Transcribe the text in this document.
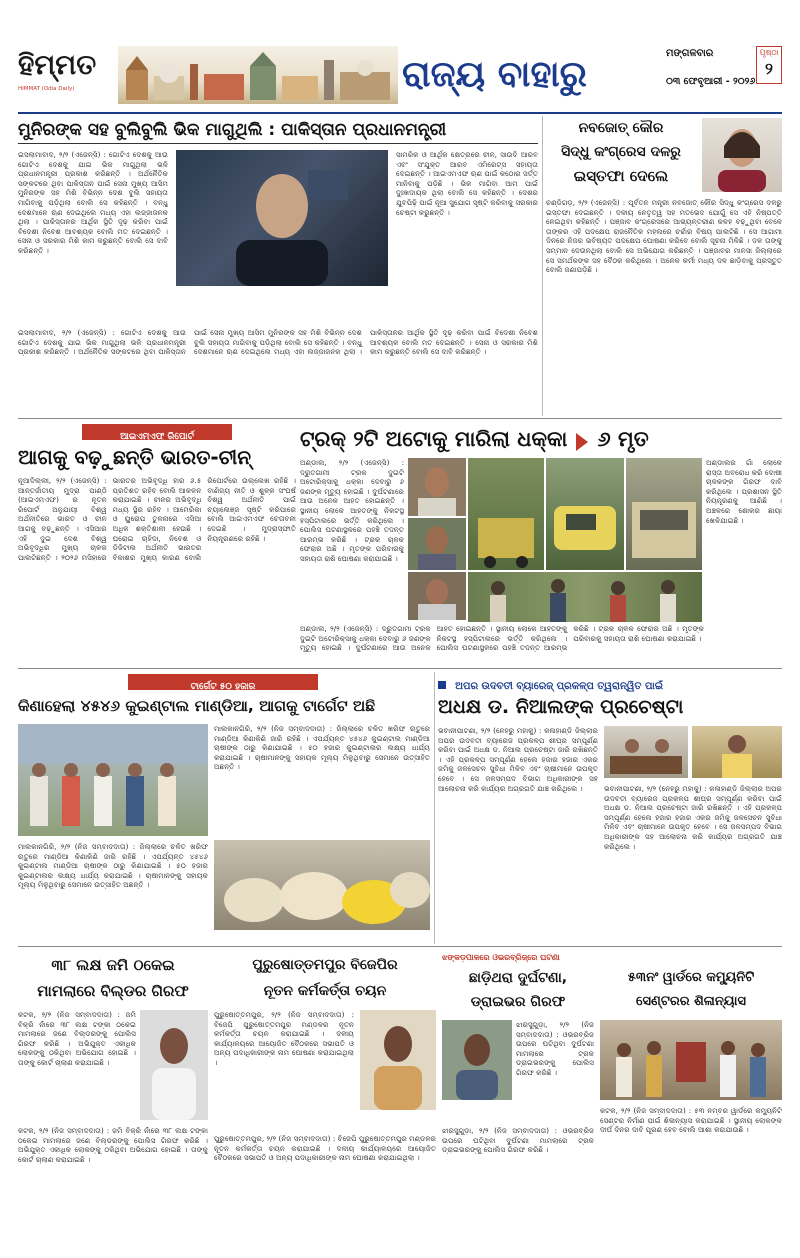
ହିମ୍ମତ
HIMMAT (Odia Daily)	ରାଜ୍ୟ ବାହାରୁ
ମଙ୍ଗଳବାର	ପୃଷ୍ଠା
୨
୦୩ ଫେବୃଆରୀ - ୨୦୨୬
ମୁନିରଙ୍କ ସହ ବୁଲିବୁଲି ଭିକ ମାଗୁଥିଲି : ପାକିସ୍ତାନ ପ୍ରଧାନମନ୍ତ୍ରୀ
ଇସଲାମାବାଦ, ୨/୨ (ଏଜେନ୍ସି) : ଗୋଟିଏ ଦେଶକୁ ଆଉ ଗୋଟିଏ ଦେଶକୁ ଯାଇ ଭିକ ମାଗୁଥିଲା ଭଳି ପ୍ରଧାନମନ୍ତ୍ରୀ ପ୍ରକାଶ କରିଛନ୍ତି । ଅର୍ଥନୈତିକ ସଙ୍କଟରେ ଥିବା ପାକିସ୍ତାନ ପାଇଁ ସେନା ମୁଖ୍ୟ ଆସିମ ମୁନିରଙ୍କ ସହ ମିଶି ବିଭିନ୍ନ ଦେଶ ବୁଲି ସହାୟତା ମାଗିବାକୁ ପଡ଼ିଥିଲା ବୋଲି ସେ କହିଛନ୍ତି । ବନ୍ଧୁ ଦେଶମାନେ ଋଣ ଦେଇଥିଲେ ମଧ୍ୟ ଏହା ଲଜ୍ଜାଜନକ ଥିଲା । ପାକିସ୍ତାନର ଆର୍ଥିକ ସ୍ଥିତି ଦୃଢ଼ କରିବା ପାଇଁ ବିଦେଶୀ ନିବେଶ ଆବଶ୍ୟକ ବୋଲି ମତ ଦେଇଛନ୍ତି । ସେନା ଓ ସରକାର ମିଶି କାମ କରୁଛନ୍ତି ବୋଲି ସେ ଦାବି କରିଛନ୍ତି ।
ସାମରିକ ଓ ଆର୍ଥିକ କ୍ଷେତ୍ରରେ ଚୀନ, ସାଉଦି ଆରବ ଏବଂ ସଂଯୁକ୍ତ ଆରବ ଏମିରେଟ୍ସ ସହାୟତା ଦେଇଛନ୍ତି । ଆଇଏମଏଫ ଋଣ ପାଇଁ କଠୋର ସର୍ତ୍ତ ମାନିବାକୁ ପଡ଼ିଛି । ଭିକ ମାଗିବା ଆମ ପାଇଁ ଦୁଃଖଦାୟକ ଥିଲା ବୋଲି ସେ କହିଛନ୍ତି । ଦେଶର ଯୁବପିଢ଼ି ପାଇଁ ନୂଆ ସୁଯୋଗ ସୃଷ୍ଟି କରିବାକୁ ସରକାର ଚେଷ୍ଟା କରୁଛନ୍ତି ।
ଇସଲାମାବାଦ, ୨/୨ (ଏଜେନ୍ସି) : ଗୋଟିଏ ଦେଶକୁ ଆଉ ଗୋଟିଏ ଦେଶକୁ ଯାଇ ଭିକ ମାଗୁଥିଲା ଭଳି ପ୍ରଧାନମନ୍ତ୍ରୀ ପ୍ରକାଶ କରିଛନ୍ତି । ଅର୍ଥନୈତିକ ସଙ୍କଟରେ ଥିବା ପାକିସ୍ତାନ ପାଇଁ ସେନା ମୁଖ୍ୟ ଆସିମ ମୁନିରଙ୍କ ସହ ମିଶି ବିଭିନ୍ନ ଦେଶ ବୁଲି ସହାୟତା ମାଗିବାକୁ ପଡ଼ିଥିଲା ବୋଲି ସେ କହିଛନ୍ତି । ବନ୍ଧୁ ଦେଶମାନେ ଋଣ ଦେଇଥିଲେ ମଧ୍ୟ ଏହା ଲଜ୍ଜାଜନକ ଥିଲା । ପାକିସ୍ତାନର ଆର୍ଥିକ ସ୍ଥିତି ଦୃଢ଼ କରିବା ପାଇଁ ବିଦେଶୀ ନିବେଶ ଆବଶ୍ୟକ ବୋଲି ମତ ଦେଇଛନ୍ତି । ସେନା ଓ ସରକାର ମିଶି କାମ କରୁଛନ୍ତି ବୋଲି ସେ ଦାବି କରିଛନ୍ତି ।
ନବଜୋତ୍ କୌର
ସିଦ୍ଧୁ କଂଗ୍ରେସ ଦଳରୁ
ଇସ୍ତଫା ଦେଲେ
ଚଣ୍ଡିଗଡ଼, ୨/୨ (ଏଜେନ୍ସି) : ପୂର୍ବତନ ମନ୍ତ୍ରୀ ନବଜୋତ୍ କୌର ସିଦ୍ଧୁ କଂଗ୍ରେସ ଦଳରୁ ଇସ୍ତଫା ଦେଇଛନ୍ତି । ଦଳୀୟ ନେତୃତ୍ୱ ସହ ମତଭେଦ ଯୋଗୁଁ ସେ ଏହି ନିଷ୍ପତ୍ତି ନେଇଥିବା କହିଛନ୍ତି । ପଞ୍ଜାବ କଂଗ୍ରେସରେ ଆଭ୍ୟନ୍ତରୀଣ କଳହ ବଢ଼ୁଥିବା ବେଳେ ତାଙ୍କର ଏହି ପଦକ୍ଷେପ ରାଜନୈତିକ ମହଲରେ ଚର୍ଚ୍ଚାର ବିଷୟ ପାଲଟିଛି । ସେ ଆଗାମୀ ଦିନରେ ନିଜର ଭବିଷ୍ୟତ ପଦକ୍ଷେପ ଘୋଷଣା କରିବେ ବୋଲି ସୂଚନା ମିଳିଛି । ଦଳ ତାଙ୍କୁ ସମ୍ମାନ ଦେଉନଥିଲା ବୋଲି ସେ ଅଭିଯୋଗ କରିଛନ୍ତି । ପଞ୍ଜାବର ମାନସା ଜିଲ୍ଲାରେ ସେ ସମର୍ଥକଙ୍କ ସହ ବୈଠକ କରିଥିଲେ । ଅନେକ କର୍ମୀ ମଧ୍ୟ ଦଳ ଛାଡ଼ିବାକୁ ପ୍ରସ୍ତୁତ ବୋଲି ଜଣାପଡ଼ିଛି ।
ଆଇଏମ୍‌ଏଫ୍ ରିପୋର୍ଟ
ଆଗକୁ ବଢ଼ୁଛନ୍ତି ଭାରତ-ଚୀନ୍
ନୂଆଦିଲ୍ଲୀ, ୨/୨ (ଏଜେନ୍ସି) : ଆନ୍ତର୍ଜାତୀୟ ମୁଦ୍ରା ପାଣ୍ଠି (ଆଇଏମଏଫ) ର ନୂତନ ରିପୋର୍ଟ ଅନୁଯାୟୀ ବିଶ୍ୱ ଅର୍ଥନୀତିରେ ଭାରତ ଓ ଚୀନ ଆଗକୁ ବଢ଼ୁଛନ୍ତି । ଏସିଆର ଏହି ଦୁଇ ଦେଶ ବିଶ୍ୱ ଅଭିବୃଦ୍ଧିର ମୁଖ୍ୟ ଚାଳକ ପାଲଟିଛନ୍ତି । ୨୦୨୬ ମସିହାରେ ଭାରତର ଅଭିବୃଦ୍ଧି ହାର ୬.୫ ପ୍ରତିଶତ ରହିବ ବୋଲି ଆକଳନ କରାଯାଇଛି । ଚୀନର ଅଭିବୃଦ୍ଧି ମଧ୍ୟ ସ୍ଥିର ରହିବ । ଆମେରିକା ଓ ୟୁରୋପ ତୁଳନାରେ ଏସିଆ ଅଧିକ ଶକ୍ତିଶାଳୀ ହେଉଛି । ଘରୋଇ ଚାହିଦା, ନିବେଶ ଓ ଡିଜିଟାଲ ଅର୍ଥନୀତି ଭାରତର ବିକାଶର ମୁଖ୍ୟ କାରଣ ବୋଲି ରିପୋର୍ଟରେ ଉଲ୍ଲେଖ ରହିଛି । ବାଣିଜ୍ୟ ନୀତି ଓ ଶୁଳ୍କ ସଂଘର୍ଷ ବିଶ୍ୱ ଅର୍ଥନୀତି ପାଇଁ ଚ୍ୟାଲେଞ୍ଜ ସୃଷ୍ଟି କରିପାରେ ବୋଲି ଆଇଏମଏଫ ଚେତାବନୀ ଦେଇଛି । ମୁଦ୍ରାସ୍ଫୀତି ନିୟନ୍ତ୍ରଣରେ ରହିଛି ।
ଟ୍ରକ୍ ୨ଟି ଅଟୋକୁ ମାରିଲା ଧକ୍କା ୬ ମୃତ
ଅଣ୍ଡାଲ, ୨/୨ (ଏଜେନ୍ସି) : ଦ୍ରୁତଗାମୀ ଟ୍ରକ ଦୁଇଟି ଅଟୋରିକ୍ସାକୁ ଧକ୍କା ଦେବାରୁ ୬ ଜଣଙ୍କ ମୃତ୍ୟୁ ହୋଇଛି । ଦୁର୍ଘଟଣାରେ ଆଉ ଅନେକ ଆହତ ହୋଇଛନ୍ତି । ସ୍ଥାନୀୟ ଲୋକେ ଆହତଙ୍କୁ ନିକଟସ୍ଥ ହସ୍ପିଟାଲରେ ଭର୍ତ୍ତି କରିଥିଲେ । ପୋଲିସ ଘଟଣାସ୍ଥଳରେ ପହଞ୍ଚି ତଦନ୍ତ ଆରମ୍ଭ କରିଛି । ଟ୍ରକ ଚାଳକ ଫେରାର ଅଛି । ମୃତଙ୍କ ପରିବାରକୁ ସହାୟତା ରାଶି ଘୋଷଣା କରାଯାଇଛି ।
ଅଣ୍ଡାଲର ଗାଁ ଲୋକେ ରାସ୍ତା ଅବରୋଧ କରି ଦୋଷୀ ଚାଳକଙ୍କ ଗିରଫ ଦାବି କରିଥିଲେ । ପ୍ରଶାସନ ସ୍ଥିତି ନିୟନ୍ତ୍ରଣକୁ ଆଣିଛି । ଅଞ୍ଚଳରେ ଶୋକର ଛାୟା ଖେଳିଯାଇଛି ।
ଅଣ୍ଡାଲ, ୨/୨ (ଏଜେନ୍ସି) : ଦ୍ରୁତଗାମୀ ଟ୍ରକ ଦୁଇଟି ଅଟୋରିକ୍ସାକୁ ଧକ୍କା ଦେବାରୁ ୬ ଜଣଙ୍କ ମୃତ୍ୟୁ ହୋଇଛି । ଦୁର୍ଘଟଣାରେ ଆଉ ଅନେକ ଆହତ ହୋଇଛନ୍ତି । ସ୍ଥାନୀୟ ଲୋକେ ଆହତଙ୍କୁ ନିକଟସ୍ଥ ହସ୍ପିଟାଲରେ ଭର୍ତ୍ତି କରିଥିଲେ । ପୋଲିସ ଘଟଣାସ୍ଥଳରେ ପହଞ୍ଚି ତଦନ୍ତ ଆରମ୍ଭ କରିଛି । ଟ୍ରକ ଚାଳକ ଫେରାର ଅଛି । ମୃତଙ୍କ ପରିବାରକୁ ସହାୟତା ରାଶି ଘୋଷଣା କରାଯାଇଛି ।
ଟାର୍ଗେଟ୍ ୫୦ ହଜାର
କିଣାହେଲା ୪୫୪୬ କୁଇଣ୍ଟାଲ ମାଣ୍ଡିଆ, ଆଗକୁ ଟାର୍ଗେଟ ଅଛି
ମାଲକାନଗିରି, ୨/୨ (ନିଜ ସମ୍ବାଦଦାତା) : ଜିଲ୍ଲାରେ ଚଳିତ ଖରିଫ ଋତୁରେ ମାଣ୍ଡିଆ କିଣାକିଣି ଜାରି ରହିଛି । ଏପର୍ଯ୍ୟନ୍ତ ୪୫୪୬ କୁଇଣ୍ଟାଲ ମାଣ୍ଡିଆ ଚାଷୀଙ୍କ ଠାରୁ କିଣାଯାଇଛି । ୫୦ ହଜାର କୁଇଣ୍ଟାଲର ଲକ୍ଷ୍ୟ ଧାର୍ଯ୍ୟ କରାଯାଇଛି । ଚାଷୀମାନଙ୍କୁ ସହାୟକ ମୂଲ୍ୟ ମିଳୁଥିବାରୁ ସେମାନେ ଉତ୍ସାହିତ ଅଛନ୍ତି ।
ମାଲକାନଗିରି, ୨/୨ (ନିଜ ସମ୍ବାଦଦାତା) : ଜିଲ୍ଲାରେ ଚଳିତ ଖରିଫ ଋତୁରେ ମାଣ୍ଡିଆ କିଣାକିଣି ଜାରି ରହିଛି । ଏପର୍ଯ୍ୟନ୍ତ ୪୫୪୬ କୁଇଣ୍ଟାଲ ମାଣ୍ଡିଆ ଚାଷୀଙ୍କ ଠାରୁ କିଣାଯାଇଛି । ୫୦ ହଜାର କୁଇଣ୍ଟାଲର ଲକ୍ଷ୍ୟ ଧାର୍ଯ୍ୟ କରାଯାଇଛି । ଚାଷୀମାନଙ୍କୁ ସହାୟକ ମୂଲ୍ୟ ମିଳୁଥିବାରୁ ସେମାନେ ଉତ୍ସାହିତ ଅଛନ୍ତି ।
ଅପର ଉଦବତୀ ବ୍ୟାରେଜ୍ ପ୍ରକଳ୍ପ ତ୍ୱରାନ୍ୱିତ ପାଇଁ
ଅଧକ୍ଷ ଡ. ନିଆଲଙ୍କ ପ୍ରଚେଷ୍ଟା
ଭବାନୀପାଟଣା, ୨/୨ (ନେହରୁ ମହାକୁ) : କଳାହାଣ୍ଡି ଜିଲ୍ଲାର ଅପର ଉଦବତୀ ବ୍ୟାରେଜ ପ୍ରକଳ୍ପ ଶୀଘ୍ର ସମ୍ପୂର୍ଣ୍ଣ କରିବା ପାଇଁ ଅଧକ୍ଷ ଡ. ନିଆଲ ପ୍ରଚେଷ୍ଟା ଜାରି ରଖିଛନ୍ତି । ଏହି ପ୍ରକଳ୍ପ ସମ୍ପୂର୍ଣ୍ଣ ହେଲେ ହଜାର ହଜାର ଏକର ଜମିକୁ ଜଳସେଚନ ସୁବିଧା ମିଳିବ ଏବଂ ଚାଷୀମାନେ ଉପକୃତ ହେବେ । ସେ ଜଳସମ୍ପଦ ବିଭାଗ ଅଧିକାରୀଙ୍କ ସହ ଆଲୋଚନା କରି କାର୍ଯ୍ୟର ଅଗ୍ରଗତି ଯାଞ୍ଚ କରିଥିଲେ ।	ଭବାନୀପାଟଣା, ୨/୨ (ନେହରୁ ମହାକୁ) : କଳାହାଣ୍ଡି ଜିଲ୍ଲାର ଅପର ଉଦବତୀ ବ୍ୟାରେଜ ପ୍ରକଳ୍ପ ଶୀଘ୍ର ସମ୍ପୂର୍ଣ୍ଣ କରିବା ପାଇଁ ଅଧକ୍ଷ ଡ. ନିଆଲ ପ୍ରଚେଷ୍ଟା ଜାରି ରଖିଛନ୍ତି । ଏହି ପ୍ରକଳ୍ପ ସମ୍ପୂର୍ଣ୍ଣ ହେଲେ ହଜାର ହଜାର ଏକର ଜମିକୁ ଜଳସେଚନ ସୁବିଧା ମିଳିବ ଏବଂ ଚାଷୀମାନେ ଉପକୃତ ହେବେ । ସେ ଜଳସମ୍ପଦ ବିଭାଗ ଅଧିକାରୀଙ୍କ ସହ ଆଲୋଚନା କରି କାର୍ଯ୍ୟର ଅଗ୍ରଗତି ଯାଞ୍ଚ କରିଥିଲେ ।
୩୮ ଲକ୍ଷ ଜମି ଠକେଇ
ମାମଲାରେ ବିଲ୍ଡର ଗିରଫ
କଟକ, ୨/୨ (ନିଜ ସମ୍ବାଦଦାତା) : ଜମି ବିକ୍ରି ନାଁରେ ୩୮ ଲକ୍ଷ ଟଙ୍କା ଠକେଇ ମାମଲାରେ ଜଣେ ବିଲ୍ଡରଙ୍କୁ ପୋଲିସ ଗିରଫ କରିଛି । ଅଭିଯୁକ୍ତ ଏକାଧିକ ଲୋକଙ୍କୁ ଠକିଥିବା ଅଭିଯୋଗ ହୋଇଛି । ତାଙ୍କୁ କୋର୍ଟ ଚାଲାଣ କରାଯାଇଛି ।
କଟକ, ୨/୨ (ନିଜ ସମ୍ବାଦଦାତା) : ଜମି ବିକ୍ରି ନାଁରେ ୩୮ ଲକ୍ଷ ଟଙ୍କା ଠକେଇ ମାମଲାରେ ଜଣେ ବିଲ୍ଡରଙ୍କୁ ପୋଲିସ ଗିରଫ କରିଛି । ଅଭିଯୁକ୍ତ ଏକାଧିକ ଲୋକଙ୍କୁ ଠକିଥିବା ଅଭିଯୋଗ ହୋଇଛି । ତାଙ୍କୁ କୋର୍ଟ ଚାଲାଣ କରାଯାଇଛି ।
ପୁରୁଷୋତ୍ତମପୁର ବିଜେପିର
ନୂତନ କର୍ମକର୍ତ୍ତା ଚୟନ
ପୁରୁଷୋତ୍ତମପୁର, ୨/୨ (ନିଜ ସମ୍ବାଦଦାତା) : ବିଜେପି ପୁରୁଷୋତ୍ତମପୁର ମଣ୍ଡଳର ନୂତନ କର୍ମକର୍ତ୍ତା ଚୟନ କରାଯାଇଛି । ଦଳୀୟ କାର୍ଯ୍ୟାଳୟରେ ଆୟୋଜିତ ବୈଠକରେ ସଭାପତି ଓ ଅନ୍ୟ ପଦାଧିକାରୀଙ୍କ ନାମ ଘୋଷଣା କରାଯାଇଥିଲା ।
ପୁରୁଷୋତ୍ତମପୁର, ୨/୨ (ନିଜ ସମ୍ବାଦଦାତା) : ବିଜେପି ପୁରୁଷୋତ୍ତମପୁର ମଣ୍ଡଳର ନୂତନ କର୍ମକର୍ତ୍ତା ଚୟନ କରାଯାଇଛି । ଦଳୀୟ କାର୍ଯ୍ୟାଳୟରେ ଆୟୋଜିତ ବୈଠକରେ ସଭାପତି ଓ ଅନ୍ୟ ପଦାଧିକାରୀଙ୍କ ନାମ ଘୋଷଣା କରାଯାଇଥିଲା ।
ଝଙ୍କଡ଼ପାଳରେ ଓଭରବ୍ରିଜ୍‌ରେ ଘଟଣା
ଛାଡ଼ିଥରା ଦୁର୍ଘଟଣା,
ଡ୍ରାଇଭର ଗିରଫ
ଝାରସୁଗୁଡ଼ା, ୨/୨ (ନିଜ ସମ୍ବାଦଦାତା) : ଓଭରବ୍ରିଜ ଉପରେ ଘଟିଥିବା ଦୁର୍ଘଟଣା ମାମଲାରେ ଟ୍ରକ ଡ୍ରାଇଭରଙ୍କୁ ପୋଲିସ ଗିରଫ କରିଛି ।
ଝାରସୁଗୁଡ଼ା, ୨/୨ (ନିଜ ସମ୍ବାଦଦାତା) : ଓଭରବ୍ରିଜ ଉପରେ ଘଟିଥିବା ଦୁର୍ଘଟଣା ମାମଲାରେ ଟ୍ରକ ଡ୍ରାଇଭରଙ୍କୁ ପୋଲିସ ଗିରଫ କରିଛି ।
୫୩ନଂ ୱାର୍ଡରେ କମ୍ୟୁନିଟି
ସେଣ୍ଟରର ଶିଳାନ୍ୟାସ
କଟକ, ୨/୨ (ନିଜ ସମ୍ବାଦଦାତା) : ୫୩ ନମ୍ବର ୱାର୍ଡରେ କମ୍ୟୁନିଟି ସେଣ୍ଟର ନିର୍ମାଣ ପାଇଁ ଶିଳାନ୍ୟାସ କରାଯାଇଛି । ସ୍ଥାନୀୟ ଲୋକଙ୍କ ଦୀର୍ଘ ଦିନର ଦାବି ପୂରଣ ହେବ ବୋଲି ଆଶା କରାଯାଉଛି ।
